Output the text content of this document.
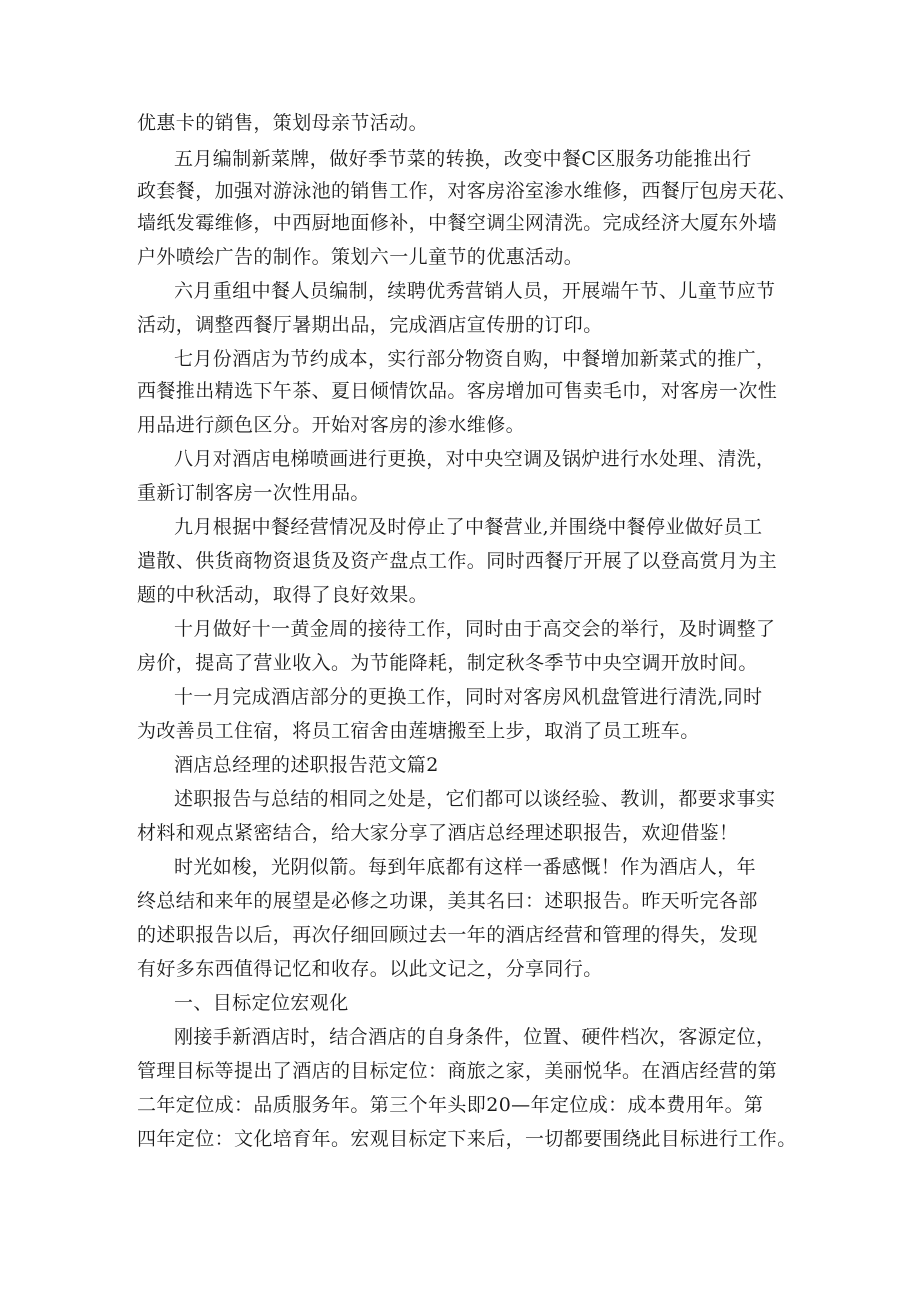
优惠卡的销售，策划母亲节活动。
五月编制新菜牌，做好季节菜的转换，改变中餐C区服务功能推出行
政套餐，加强对游泳池的销售工作，对客房浴室渗水维修，西餐厅包房天花、
墙纸发霉维修，中西厨地面修补，中餐空调尘网清洗。完成经济大厦东外墙
户外喷绘广告的制作。策划六一儿童节的优惠活动。
六月重组中餐人员编制，续聘优秀营销人员，开展端午节、儿童节应节
活动，调整西餐厅暑期出品，完成酒店宣传册的订印。
七月份酒店为节约成本，实行部分物资自购，中餐增加新菜式的推广，
西餐推出精选下午茶、夏日倾情饮品。客房增加可售卖毛巾，对客房一次性
用品进行颜色区分。开始对客房的渗水维修。
八月对酒店电梯喷画进行更换，对中央空调及锅炉进行水处理、清洗，
重新订制客房一次性用品。
九月根据中餐经营情况及时停止了中餐营业,并围绕中餐停业做好员工
遣散、供货商物资退货及资产盘点工作。同时西餐厅开展了以登高赏月为主
题的中秋活动，取得了良好效果。
十月做好十一黄金周的接待工作，同时由于高交会的举行，及时调整了
房价，提高了营业收入。为节能降耗，制定秋冬季节中央空调开放时间。
十一月完成酒店部分的更换工作，同时对客房风机盘管进行清洗,同时
为改善员工住宿，将员工宿舍由莲塘搬至上步，取消了员工班车。
酒店总经理的述职报告范文篇2
述职报告与总结的相同之处是，它们都可以谈经验、教训，都要求事实
材料和观点紧密结合，给大家分享了酒店总经理述职报告，欢迎借鉴！
时光如梭，光阴似箭。每到年底都有这样一番感慨！作为酒店人，年
终总结和来年的展望是必修之功课，美其名曰：述职报告。昨天听完各部
的述职报告以后，再次仔细回顾过去一年的酒店经营和管理的得失，发现
有好多东西值得记忆和收存。以此文记之，分享同行。
一、目标定位宏观化
刚接手新酒店时，结合酒店的自身条件，位置、硬件档次，客源定位，
管理目标等提出了酒店的目标定位：商旅之家，美丽悦华。在酒店经营的第
二年定位成：品质服务年。第三个年头即20—年定位成：成本费用年。第
四年定位：文化培育年。宏观目标定下来后，一切都要围绕此目标进行工作。
